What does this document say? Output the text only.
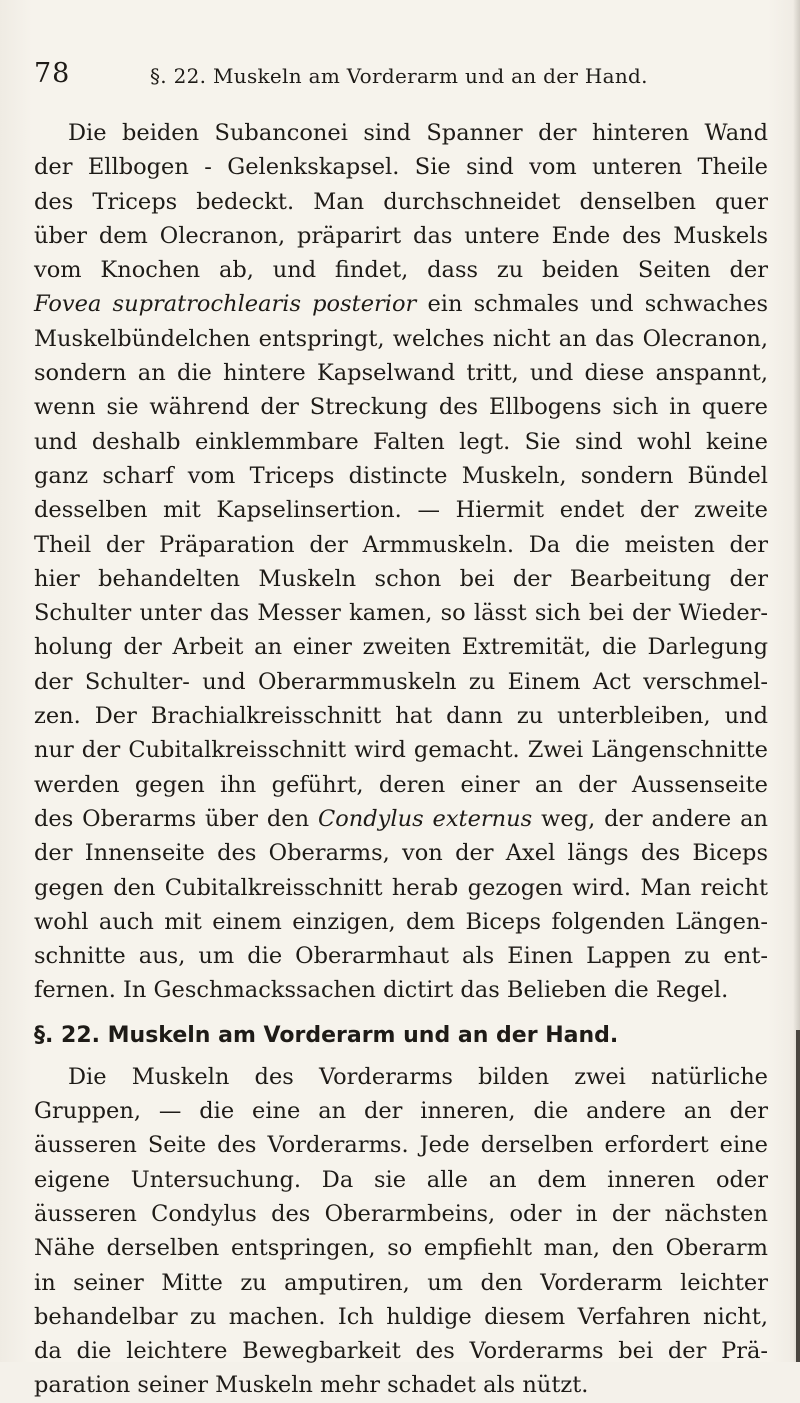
78	§. 22. Muskeln am Vorderarm und an der Hand.
Die beiden Subanconei sind Spanner der hinteren Wand
der Ellbogen - Gelenkskapsel. Sie sind vom unteren Theile
des Triceps bedeckt. Man durchschneidet denselben quer
über dem Olecranon, präparirt das untere Ende des Muskels
vom Knochen ab, und findet, dass zu beiden Seiten der
Fovea supratrochlearis posterior ein schmales und schwaches
Muskelbündelchen entspringt, welches nicht an das Olecranon,
sondern an die hintere Kapselwand tritt, und diese anspannt,
wenn sie während der Streckung des Ellbogens sich in quere
und deshalb einklemmbare Falten legt. Sie sind wohl keine
ganz scharf vom Triceps distincte Muskeln, sondern Bündel
desselben mit Kapselinsertion. — Hiermit endet der zweite
Theil der Präparation der Armmuskeln. Da die meisten der
hier behandelten Muskeln schon bei der Bearbeitung der
Schulter unter das Messer kamen, so lässt sich bei der Wieder-
holung der Arbeit an einer zweiten Extremität, die Darlegung
der Schulter- und Oberarmmuskeln zu Einem Act verschmel-
zen. Der Brachialkreisschnitt hat dann zu unterbleiben, und
nur der Cubitalkreisschnitt wird gemacht. Zwei Längenschnitte
werden gegen ihn geführt, deren einer an der Aussenseite
des Oberarms über den Condylus externus weg, der andere an
der Innenseite des Oberarms, von der Axel längs des Biceps
gegen den Cubitalkreisschnitt herab gezogen wird. Man reicht
wohl auch mit einem einzigen, dem Biceps folgenden Längen-
schnitte aus, um die Oberarmhaut als Einen Lappen zu ent-
fernen. In Geschmackssachen dictirt das Belieben die Regel.
§. 22. Muskeln am Vorderarm und an der Hand.
Die Muskeln des Vorderarms bilden zwei natürliche
Gruppen, — die eine an der inneren, die andere an der
äusseren Seite des Vorderarms. Jede derselben erfordert eine
eigene Untersuchung. Da sie alle an dem inneren oder
äusseren Condylus des Oberarmbeins, oder in der nächsten
Nähe derselben entspringen, so empfiehlt man, den Oberarm
in seiner Mitte zu amputiren, um den Vorderarm leichter
behandelbar zu machen. Ich huldige diesem Verfahren nicht,
da die leichtere Bewegbarkeit des Vorderarms bei der Prä-
paration seiner Muskeln mehr schadet als nützt.
